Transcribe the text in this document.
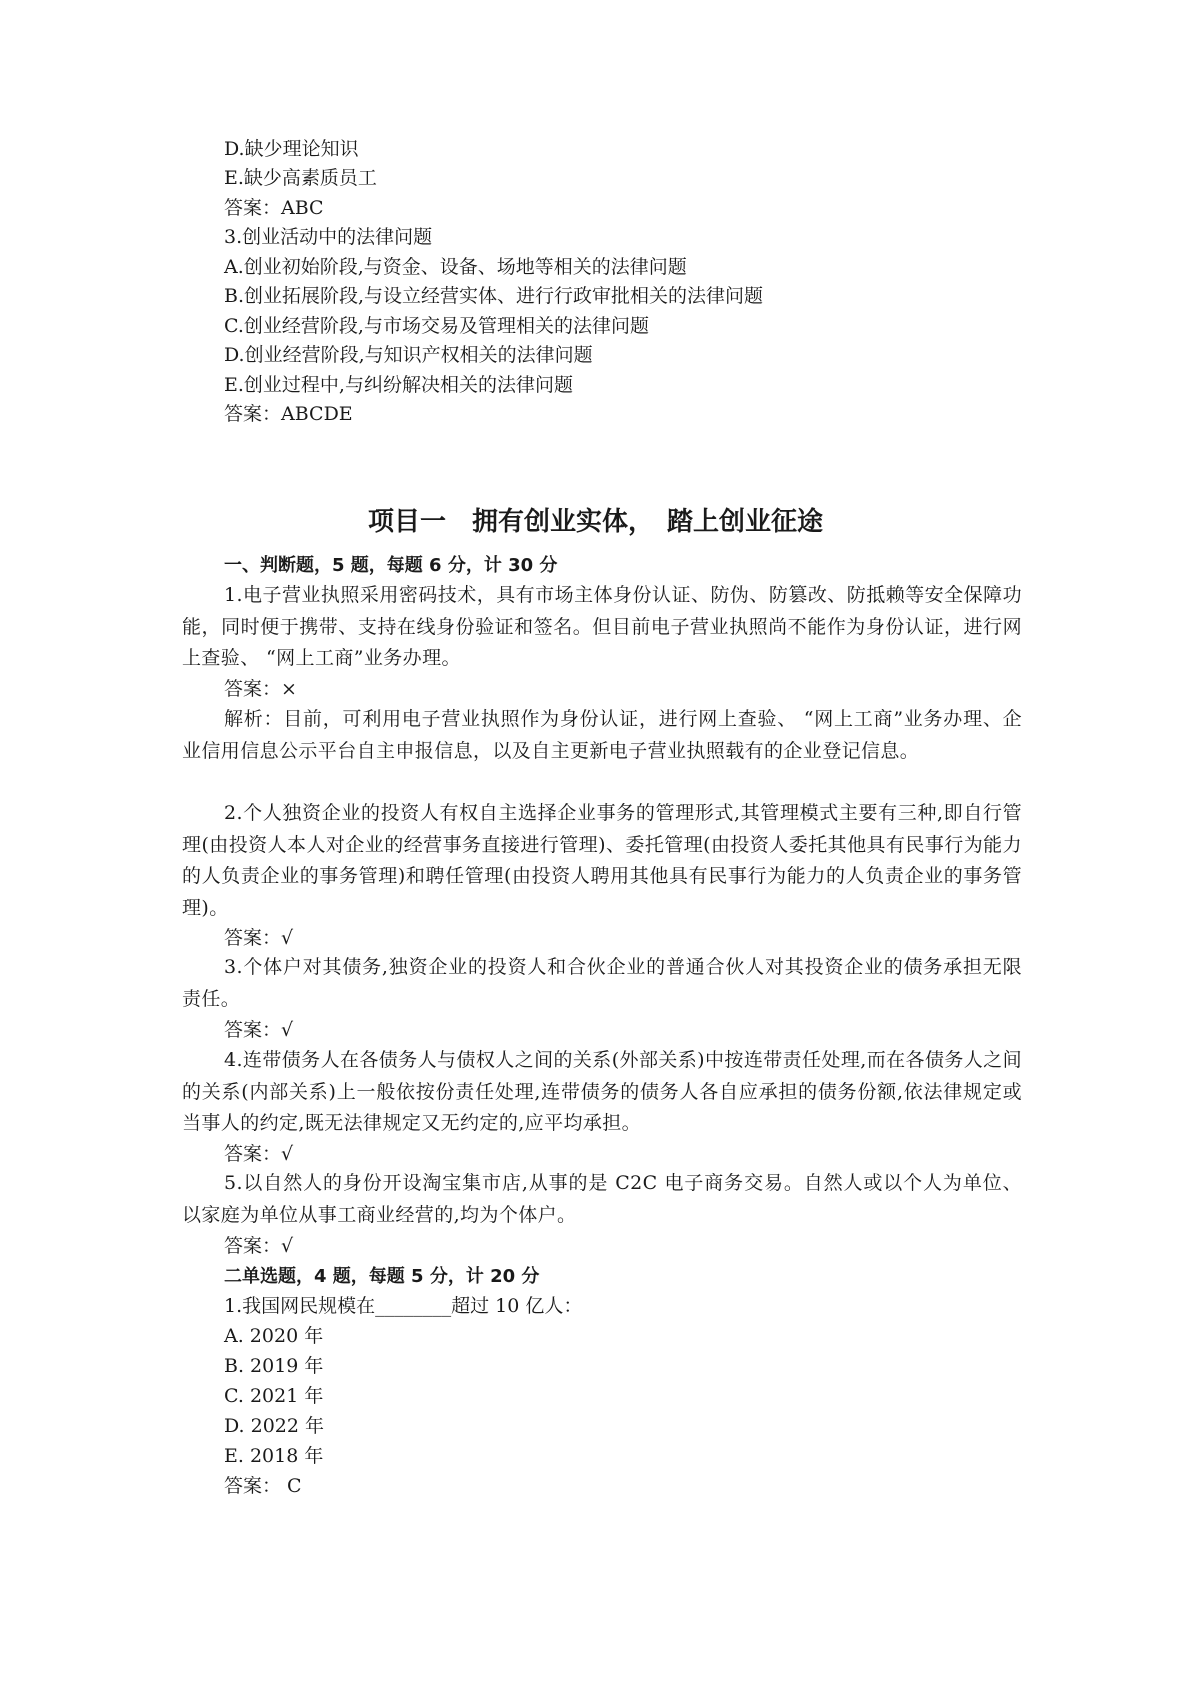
D.缺少理论知识

E.缺少高素质员工

答案：ABC

3.创业活动中的法律问题

A.创业初始阶段,与资金、设备、场地等相关的法律问题

B.创业拓展阶段,与设立经营实体、进行行政审批相关的法律问题

C.创业经营阶段,与市场交易及管理相关的法律问题

D.创业经营阶段,与知识产权相关的法律问题

E.创业过程中,与纠纷解决相关的法律问题

答案：ABCDE

项目一　拥有创业实体，　踏上创业征途

一、判断题，5 题，每题 6 分，计 30 分

1.电子营业执照采用密码技术，具有市场主体身份认证、防伪、防篡改、防抵赖等安全保障功能，同时便于携带、支持在线身份验证和签名。但目前电子营业执照尚不能作为身份认证，进行网上查验、 “网上工商”业务办理。

答案：×

解析：目前，可利用电子营业执照作为身份认证，进行网上查验、 “网上工商”业务办理、企业信用信息公示平台自主申报信息，以及自主更新电子营业执照载有的企业登记信息。

2.个人独资企业的投资人有权自主选择企业事务的管理形式,其管理模式主要有三种,即自行管理(由投资人本人对企业的经营事务直接进行管理)、委托管理(由投资人委托其他具有民事行为能力的人负责企业的事务管理)和聘任管理(由投资人聘用其他具有民事行为能力的人负责企业的事务管理)。

答案：√

3.个体户对其债务,独资企业的投资人和合伙企业的普通合伙人对其投资企业的债务承担无限责任。

答案：√

4.连带债务人在各债务人与债权人之间的关系(外部关系)中按连带责任处理,而在各债务人之间的关系(内部关系)上一般依按份责任处理,连带债务的债务人各自应承担的债务份额,依法律规定或当事人的约定,既无法律规定又无约定的,应平均承担。

答案：√

5.以自然人的身份开设淘宝集市店,从事的是 C2C 电子商务交易。自然人或以个人为单位、以家庭为单位从事工商业经营的,均为个体户。

答案：√

二单选题，4 题，每题 5 分，计 20 分

1.我国网民规模在________超过 10 亿人：

A. 2020 年

B. 2019 年

C. 2021 年

D. 2022 年

E. 2018 年

答案： C
